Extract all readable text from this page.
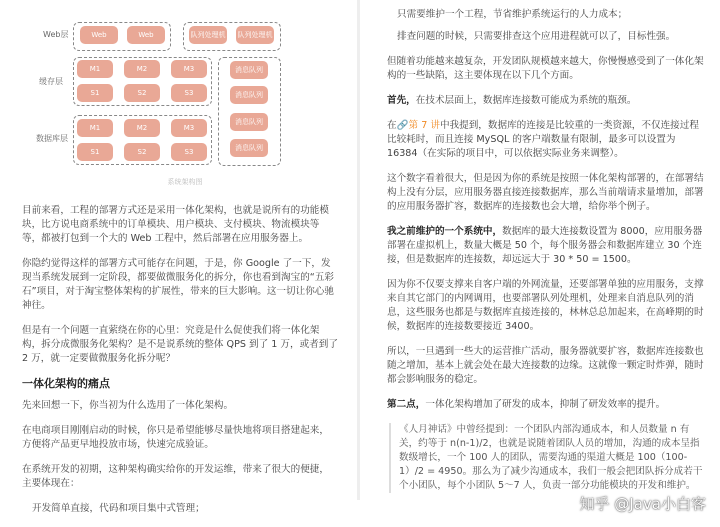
Web层
缓存层
数据库层
Web	Web	队列处理机 队列处理机
M1	M2	M3
S1	S2	S3
M1	M2	M3
S1	S2	S3
消息队列
消息队列
消息队列
消息队列
系统架构图
目前来看，工程的部署方式还是采用一体化架构，也就是说所有的功能模块，比方说电商系统中的订单模块、用户模块、支付模块、物流模块等等，都被打包到一个大的 Web 工程中，然后部署在应用服务器上。
你隐约觉得这样的部署方式可能存在问题，于是，你 Google 了一下，发现当系统发展到一定阶段，都要做微服务化的拆分，你也看到淘宝的“五彩石”项目，对于淘宝整体架构的扩展性，带来的巨大影响。这一切让你心驰神往。
但是有一个问题一直萦绕在你的心里：究竟是什么促使我们将一体化架构，拆分成微服务化架构？是不是说系统的整体 QPS 到了 1 万，或者到了 2 万，就一定要做微服务化拆分呢？
一体化架构的痛点
先来回想一下，你当初为什么选用了一体化架构。
在电商项目刚刚启动的时候，你只是希望能够尽量快地将项目搭建起来，方便将产品更早地投放市场，快速完成验证。
在系统开发的初期，这种架构确实给你的开发运维，带来了很大的便捷，主要体现在：
开发简单直接，代码和项目集中式管理；
只需要维护一个工程，节省维护系统运行的人力成本；
排查问题的时候，只需要排查这个应用进程就可以了，目标性强。
但随着功能越来越复杂，开发团队规模越来越大，你慢慢感受到了一体化架构的一些缺陷，这主要体现在以下几个方面。
首先，在技术层面上，数据库连接数可能成为系统的瓶颈。
在🔗第 7 讲中我提到，数据库的连接是比较重的一类资源，不仅连接过程比较耗时，而且连接 MySQL 的客户端数量有限制，最多可以设置为 16384（在实际的项目中，可以依据实际业务来调整）。
这个数字看着很大，但是因为你的系统是按照一体化架构部署的，在部署结构上没有分层，应用服务器直接连接数据库，那么当前端请求量增加，部署的应用服务器扩容，数据库的连接数也会大增，给你举个例子。
我之前维护的一个系统中，数据库的最大连接数设置为 8000，应用服务器部署在虚拟机上，数量大概是 50 个，每个服务器会和数据库建立 30 个连接，但是数据库的连接数，却远远大于 30 * 50 = 1500。
因为你不仅要支撑来自客户端的外网流量，还要部署单独的应用服务，支撑来自其它部门的内网调用，也要部署队列处理机，处理来自消息队列的消息，这些服务也都是与数据库直接连接的，林林总总加起来，在高峰期的时候，数据库的连接数要接近 3400。
所以，一旦遇到一些大的运营推广活动，服务器就要扩容，数据库连接数也随之增加，基本上就会处在最大连接数的边缘。这就像一颗定时炸弹，随时都会影响服务的稳定。
第二点，一体化架构增加了研发的成本，抑制了研发效率的提升。
《人月神话》中曾经提到：一个团队内部沟通成本，和人员数量 n 有关，约等于 n(n-1)/2，也就是说随着团队人员的增加，沟通的成本呈指数级增长，一个 100 人的团队，需要沟通的渠道大概是 100（100-1）/2 = 4950。那么为了减少沟通成本，我们一般会把团队拆分成若干个小团队，每个小团队 5～7 人，负责一部分功能模块的开发和维护。
知乎 @Java小白客
